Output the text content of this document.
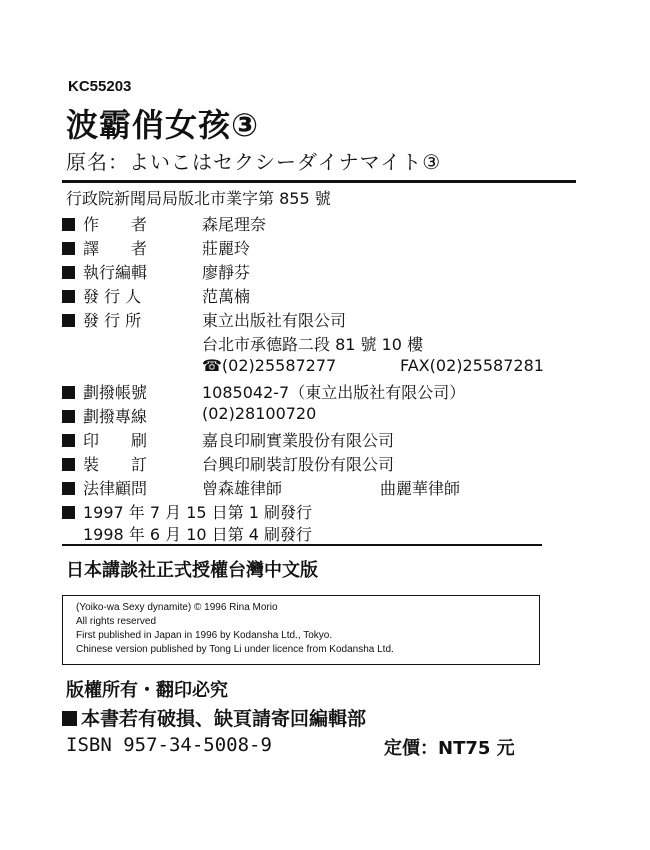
KC55203
波霸俏女孩③
原名：よいこはセクシーダイナマイト③
行政院新聞局局版北市業字第 855 號
作　　者	森尾理奈
譯　　者	莊麗玲
執行編輯	廖靜芬
發 行 人	范萬楠
發 行 所	東立出版社有限公司
台北市承德路二段 81 號 10 樓
☎(02)25587277	FAX(02)25587281
劃撥帳號	1085042-7（東立出版社有限公司）
劃撥專線	(02)28100720
印　　刷	嘉良印刷實業股份有限公司
裝　　訂	台興印刷裝訂股份有限公司
法律顧問	曾森雄律師	曲麗華律師
1997 年 7 月 15 日第 1 刷發行
1998 年 6 月 10 日第 4 刷發行
日本講談社正式授權台灣中文版
(Yoiko-wa Sexy dynamite) © 1996 Rina Morio
All rights reserved
First published in Japan in 1996 by Kodansha Ltd., Tokyo.
Chinese version published by Tong Li under licence from Kodansha Ltd.
版權所有・翻印必究
本書若有破損、缺頁請寄回編輯部
ISBN 957-34-5008-9	定價：NT75 元
